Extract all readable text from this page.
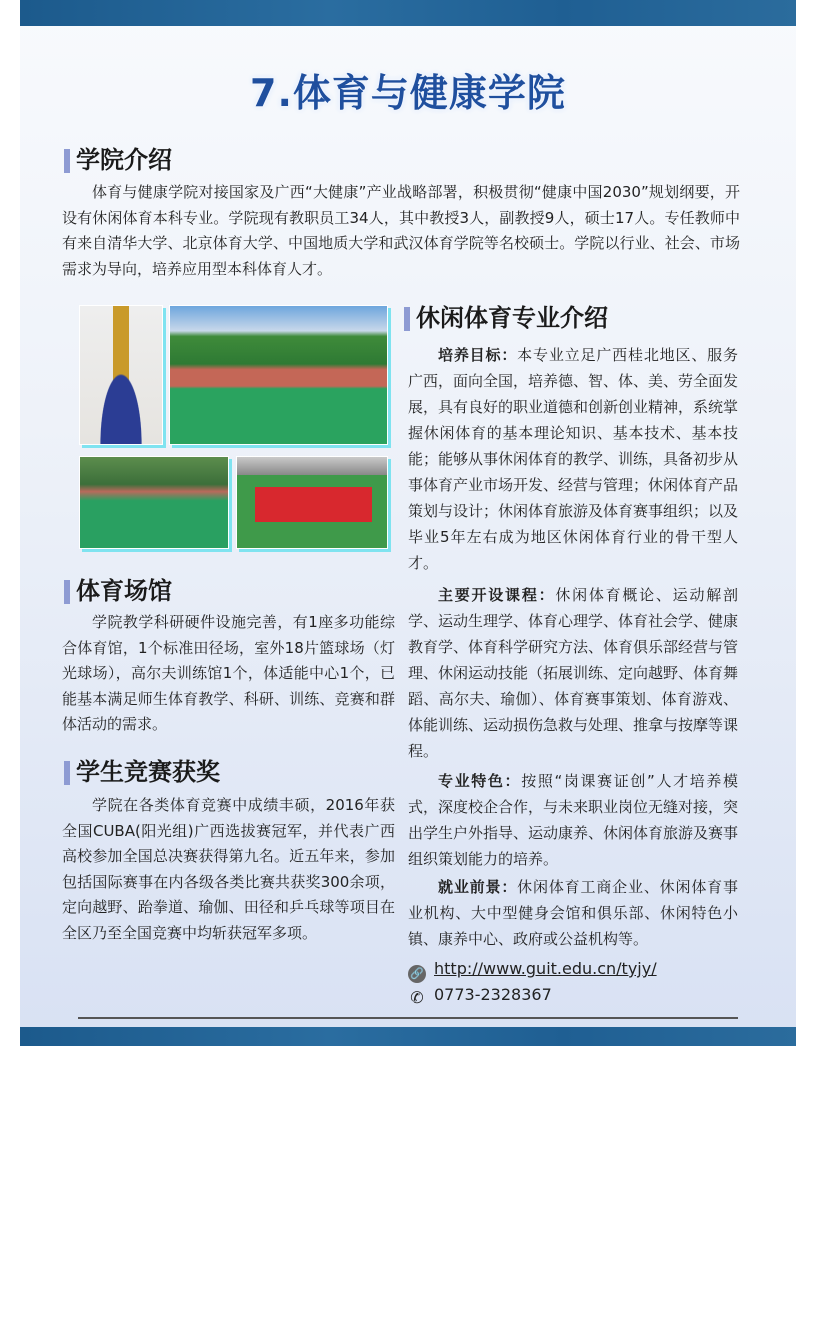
7.体育与健康学院
学院介绍
体育与健康学院对接国家及广西“大健康”产业战略部署，积极贯彻“健康中国2030”规划纲要，开设有休闲体育本科专业。学院现有教职员工34人，其中教授3人，副教授9人，硕士17人。专任教师中有来自清华大学、北京体育大学、中国地质大学和武汉体育学院等名校硕士。学院以行业、社会、市场需求为导向，培养应用型本科体育人才。
体育场馆
学院教学科研硬件设施完善，有1座多功能综合体育馆，1个标准田径场，室外18片篮球场（灯光球场），高尔夫训练馆1个，体适能中心1个，已能基本满足师生体育教学、科研、训练、竞赛和群体活动的需求。
学生竞赛获奖
学院在各类体育竞赛中成绩丰硕，2016年获全国CUBA(阳光组)广西选拔赛冠军，并代表广西高校参加全国总决赛获得第九名。近五年来，参加包括国际赛事在内各级各类比赛共获奖300余项，定向越野、跆拳道、瑜伽、田径和乒乓球等项目在全区乃至全国竞赛中均斩获冠军多项。
休闲体育专业介绍
培养目标：本专业立足广西桂北地区、服务广西，面向全国，培养德、智、体、美、劳全面发展，具有良好的职业道德和创新创业精神，系统掌握休闲体育的基本理论知识、基本技术、基本技能；能够从事休闲体育的教学、训练，具备初步从事体育产业市场开发、经营与管理；休闲体育产品策划与设计；休闲体育旅游及体育赛事组织；以及毕业5年左右成为地区休闲体育行业的骨干型人才。
主要开设课程：休闲体育概论、运动解剖学、运动生理学、体育心理学、体育社会学、健康教育学、体育科学研究方法、体育俱乐部经营与管理、休闲运动技能（拓展训练、定向越野、体育舞蹈、高尔夫、瑜伽）、体育赛事策划、体育游戏、体能训练、运动损伤急救与处理、推拿与按摩等课程。
专业特色：按照“岗课赛证创”人才培养模式，深度校企合作，与未来职业岗位无缝对接，突出学生户外指导、运动康养、休闲体育旅游及赛事组织策划能力的培养。
就业前景：休闲体育工商企业、休闲体育事业机构、大中型健身会馆和俱乐部、休闲特色小镇、康养中心、政府或公益机构等。
🔗 http://www.guit.edu.cn/tyjy/
✆ 0773-2328367
